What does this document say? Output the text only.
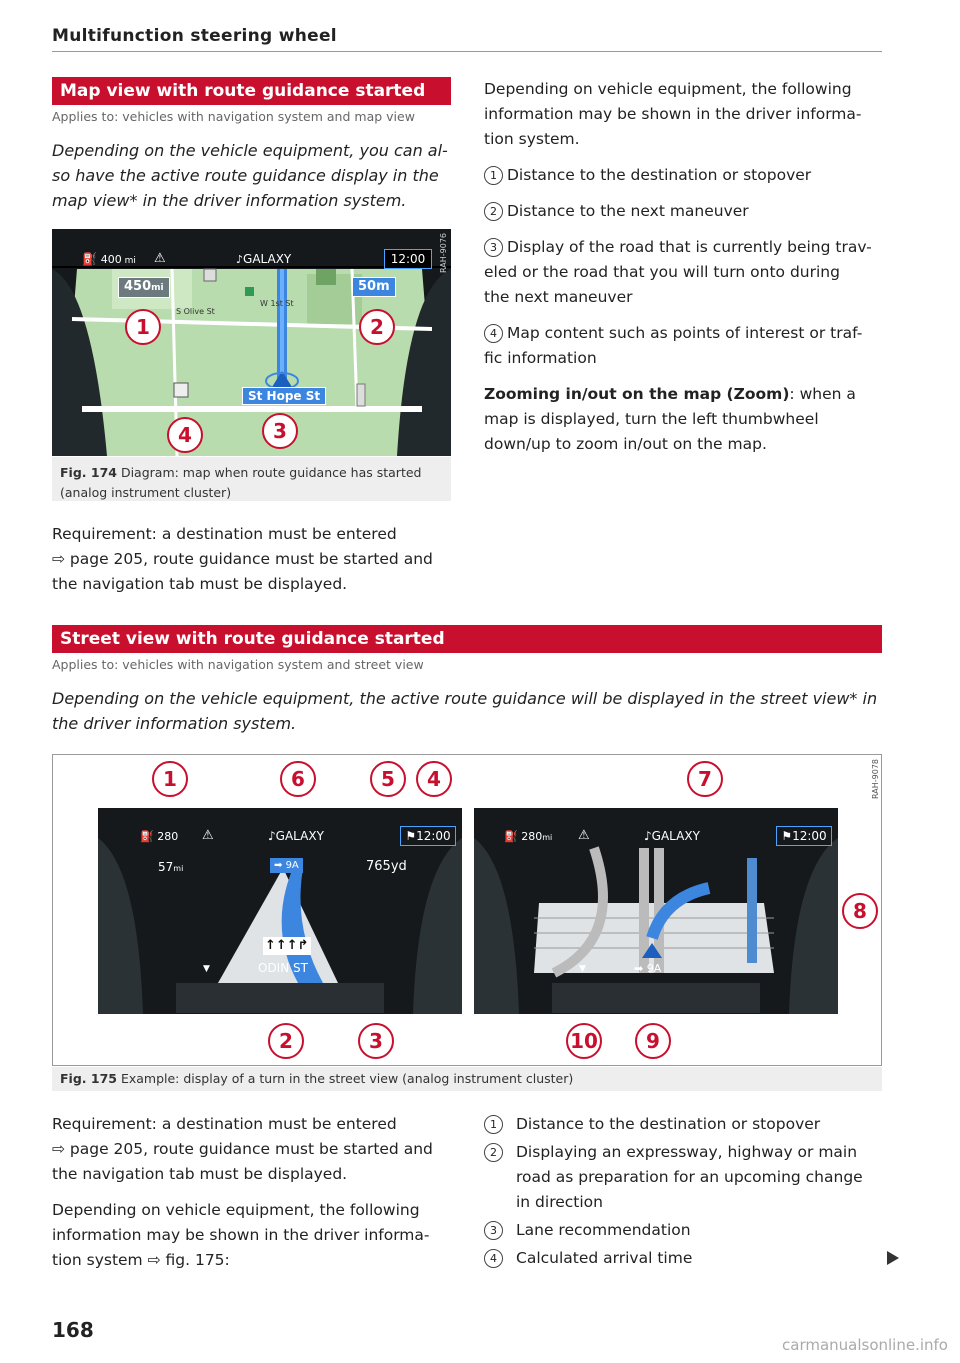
Multifunction steering wheel
Map view with route guidance started
Applies to: vehicles with navigation system and map view
Depending on the vehicle equipment, you can al-
so have the active route guidance display in the
map view* in the driver information system.
⛽ 400 mi ⚠	♪GALAXY	12:00
450mi	50m
S Olive St
W 1st St
St Hope St
RAH-9076
1	2
3
4
Fig. 174 Diagram: map when route guidance has started
(analog instrument cluster)
Requirement: a destination must be entered
⇨ page 205, route guidance must be started and
the navigation tab must be displayed.
Depending on vehicle equipment, the following
information may be shown in the driver informa-
tion system.
1 Distance to the destination or stopover
2 Distance to the next maneuver
3 Display of the road that is currently being trav-
eled or the road that you will turn onto during
the next maneuver
4 Map content such as points of interest or traf-
fic information
Zooming in/out on the map (Zoom): when a
map is displayed, turn the left thumbwheel
down/up to zoom in/out on the map.
Street view with route guidance started
Applies to: vehicles with navigation system and street view
Depending on the vehicle equipment, the active route guidance will be displayed in the street view* in
the driver information system.
⛽ 280 ⚠	♪GALAXY	⚑12:00
57mi	➡ 9A	765yd
↑↑↑↱
ODIN ST
▼
⛽ 280mi ⚠	♪GALAXY	⚑12:00
▼	➡ 9A
RAH-9078
1	6	5	4	7
8
2	3	10	9
Fig. 175 Example: display of a turn in the street view (analog instrument cluster)
Requirement: a destination must be entered
⇨ page 205, route guidance must be started and
the navigation tab must be displayed.
Depending on vehicle equipment, the following
information may be shown in the driver informa-
tion system ⇨ fig. 175:
1 Distance to the destination or stopover
2 Displaying an expressway, highway or main
road as preparation for an upcoming change
in direction
3 Lane recommendation
4 Calculated arrival time
168
carmanualsonline.info
